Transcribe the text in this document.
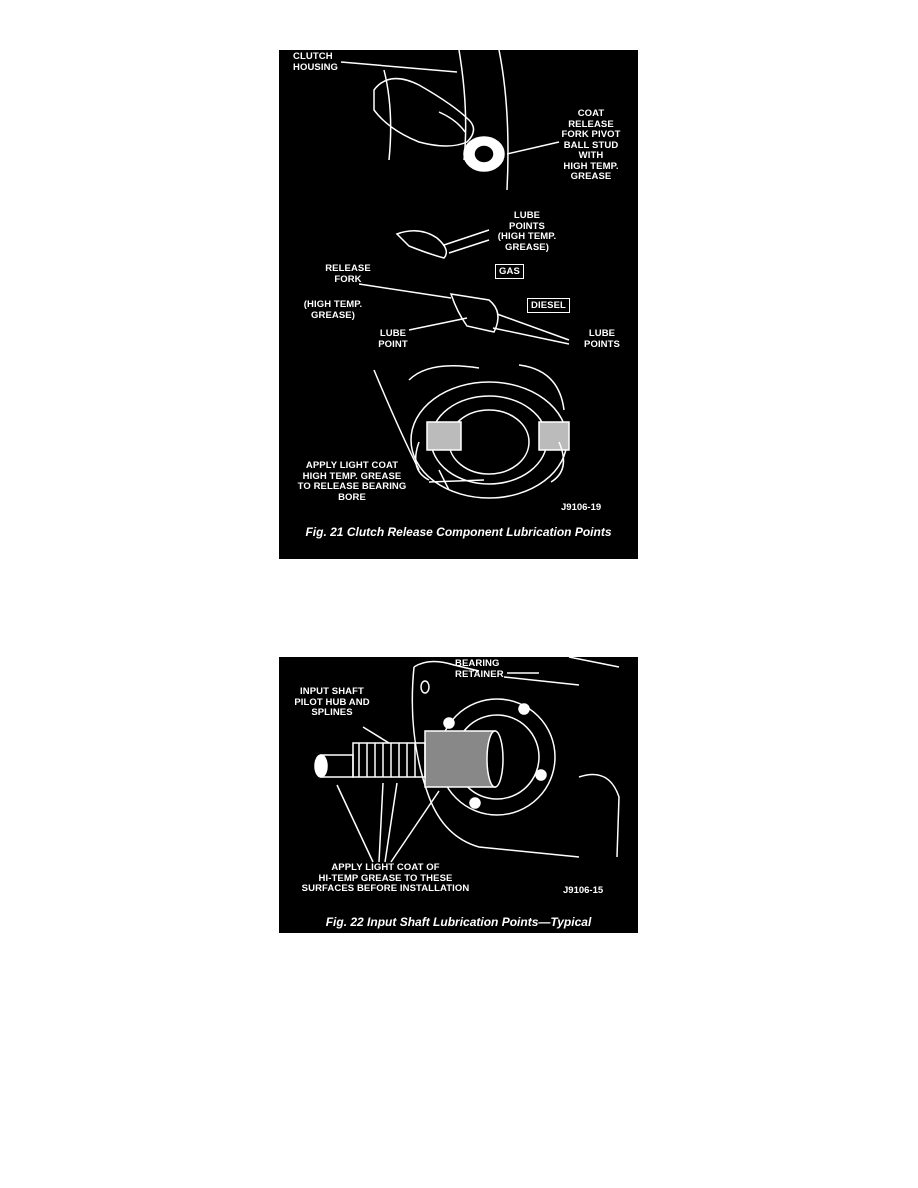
CLUTCH
HOUSING
COAT
RELEASE
FORK PIVOT
BALL STUD
WITH
HIGH TEMP.
GREASE
LUBE
POINTS
(HIGH TEMP.
GREASE)
GAS
RELEASE
FORK
DIESEL
(HIGH TEMP.
GREASE)
LUBE
POINT
LUBE
POINTS
APPLY LIGHT COAT
HIGH TEMP. GREASE
TO RELEASE BEARING
BORE
J9106-19
Fig. 21 Clutch Release Component Lubrication Points
BEARING
RETAINER
INPUT SHAFT
PILOT HUB AND
SPLINES
APPLY LIGHT COAT OF
HI-TEMP GREASE TO THESE
SURFACES BEFORE INSTALLATION	J9106-15
Fig. 22 Input Shaft Lubrication Points—Typical
